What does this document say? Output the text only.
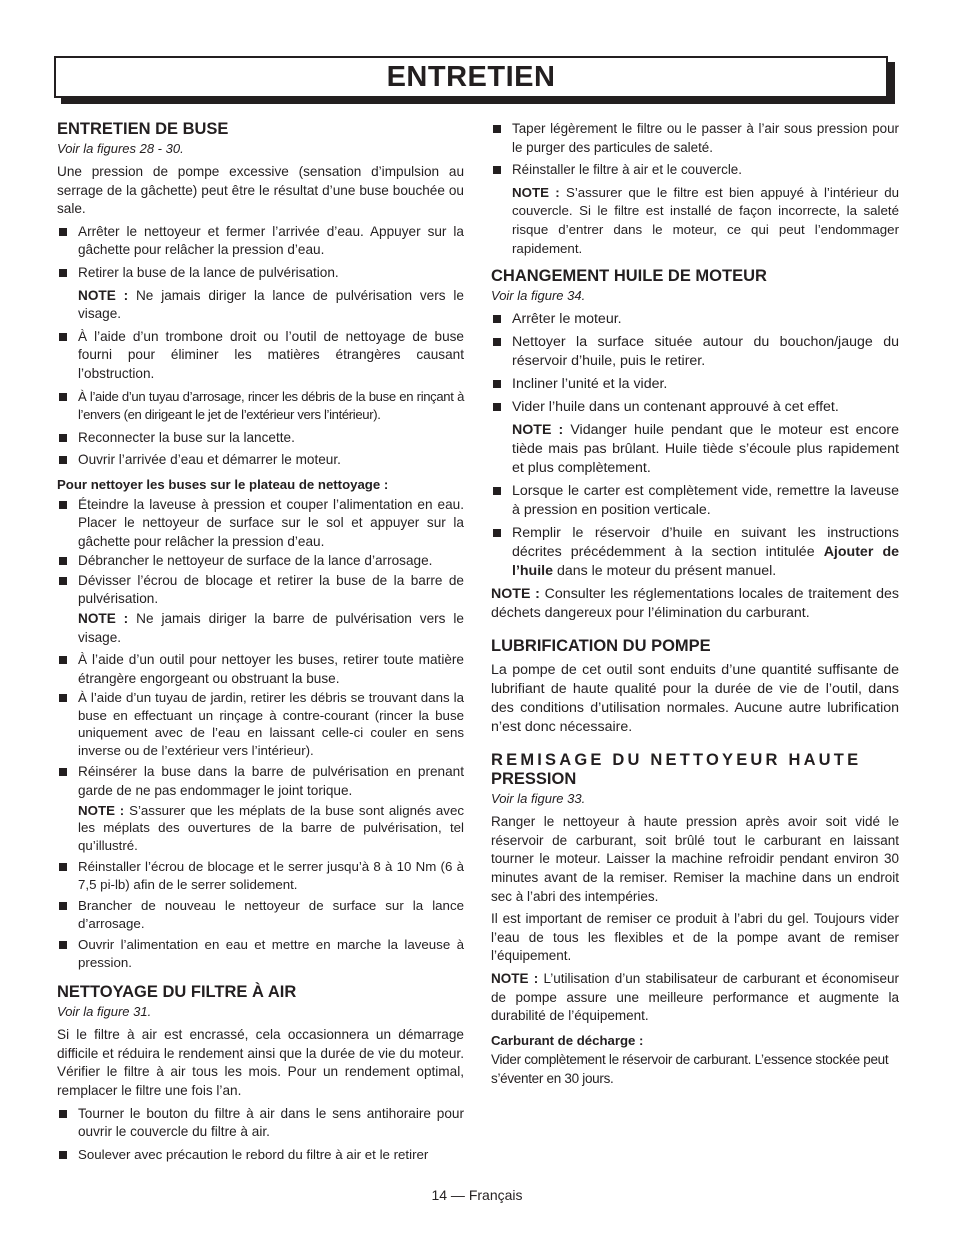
ENTRETIEN
ENTRETIEN DE BUSE
Voir la figures 28 - 30.

Une pression de pompe excessive (sensation d’impulsion au serrage de la gâchette) peut être le résultat d’une buse bouchée ou sale.

Arrêter le nettoyeur et fermer l’arrivée d’eau. Appuyer sur la gâchette pour relâcher la pression d’eau.
Retirer la buse de la lance de pulvérisation.

NOTE : Ne jamais diriger la lance de pulvérisation vers le visage.

À l’aide d’un trombone droit ou l’outil de nettoyage de buse fourni pour éliminer les matières étrangères causant l’obstruction.
À l’aide d’un tuyau d’arrosage, rincer les débris de la buse en rinçant à l’envers (en dirigeant le jet de l’extérieur vers l’intérieur).
Reconnecter la buse sur la lancette.
Ouvrir l’arrivée d’eau et démarrer le moteur.
Pour nettoyer les buses sur le plateau de nettoyage :
Éteindre la laveuse à pression et couper l’alimentation en eau. Placer le nettoyeur de surface sur le sol et appuyer sur la gâchette pour relâcher la pression d’eau.
Débrancher le nettoyeur de surface de la lance d’arrosage.
Dévisser l’écrou de blocage et retirer la buse de la barre de pulvérisation.

NOTE : Ne jamais diriger la barre de pulvérisation vers le visage.

À l’aide d’un outil pour nettoyer les buses, retirer toute matière étrangère engorgeant ou obstruant la buse.
À l’aide d’un tuyau de jardin, retirer les débris se trouvant dans la buse en effectuant un rinçage à contre-courant (rincer la buse uniquement avec de l’eau en laissant celle-ci couler en sens inverse ou de l’extérieur vers l’intérieur).
Réinsérer la buse dans la barre de pulvérisation en prenant garde de ne pas endommager le joint torique.

NOTE : S’assurer que les méplats de la buse sont alignés avec les méplats des ouvertures de la barre de pulvérisation, tel qu’illustré.

Réinstaller l’écrou de blocage et le serrer jusqu’à 8 à 10 Nm (6 à 7,5 pi-lb) afin de le serrer solidement.
Brancher de nouveau le nettoyeur de surface sur la lance d’arrosage.
Ouvrir l’alimentation en eau et mettre en marche la laveuse à pression.
NETTOYAGE DU FILTRE À AIR
Voir la figure 31.

Si le filtre à air est encrassé, cela occasionnera un démarrage difficile et réduira le rendement ainsi que la durée de vie du moteur. Vérifier le filtre à air tous les mois. Pour un rendement optimal, remplacer le filtre une fois l’an.

Tourner le bouton du filtre à air dans le sens antihoraire pour ouvrir le couvercle du filtre à air.
Soulever avec précaution le rebord du filtre à air et le retirer
Taper légèrement le filtre ou le passer à l’air sous pression pour le purger des particules de saleté.
Réinstaller le filtre à air et le couvercle.

NOTE : S’assurer que le filtre est bien appuyé à l’intérieur du couvercle. Si le filtre est installé de façon incorrecte, la saleté risque d’entrer dans le moteur, ce qui peut l’endommager rapidement.

CHANGEMENT HUILE DE MOTEUR
Voir la figure 34.
Arrêter le moteur.
Nettoyer la surface située autour du bouchon/jauge du réservoir d’huile, puis le retirer.
Incliner l’unité et la vider.
Vider l’huile dans un contenant approuvé à cet effet.

NOTE : Vidanger huile pendant que le moteur est encore tiède mais pas brûlant. Huile tiède s’écoule plus rapidement et plus complètement.

Lorsque le carter est complètement vide, remettre la laveuse à pression en position verticale.
Remplir le réservoir d’huile en suivant les instructions décrites précédemment à la section intitulée Ajouter de l’huile dans le moteur du présent manuel.

NOTE : Consulter les réglementations locales de traitement des déchets dangereux pour l’élimination du carburant.

LUBRIFICATION DU POMPE

La pompe de cet outil sont enduits d’une quantité suffisante de lubrifiant de haute qualité pour la durée de vie de l’outil, dans des conditions d’utilisation normales. Aucune autre lubrification n’est donc nécessaire.

REMISAGE DU NETTOYEUR HAUTE
PRESSION
Voir la figure 33.

Ranger le nettoyeur à haute pression après avoir soit vidé le réservoir de carburant, soit brûlé tout le carburant en laissant tourner le moteur. Laisser la machine refroidir pendant environ 30 minutes avant de la remiser. Remiser la machine dans un endroit sec à l’abri des intempéries.

Il est important de remiser ce produit à l’abri du gel. Toujours vider l’eau de tous les flexibles et de la pompe avant de remiser l’équipement.

NOTE : L’utilisation d’un stabilisateur de carburant et économiseur de pompe assure une meilleure performance et augmente la durabilité de l’équipement.

Carburant de décharge :

Vider complètement le réservoir de carburant. L’essence stockée peut s’éventer en 30 jours.

14 — Français
